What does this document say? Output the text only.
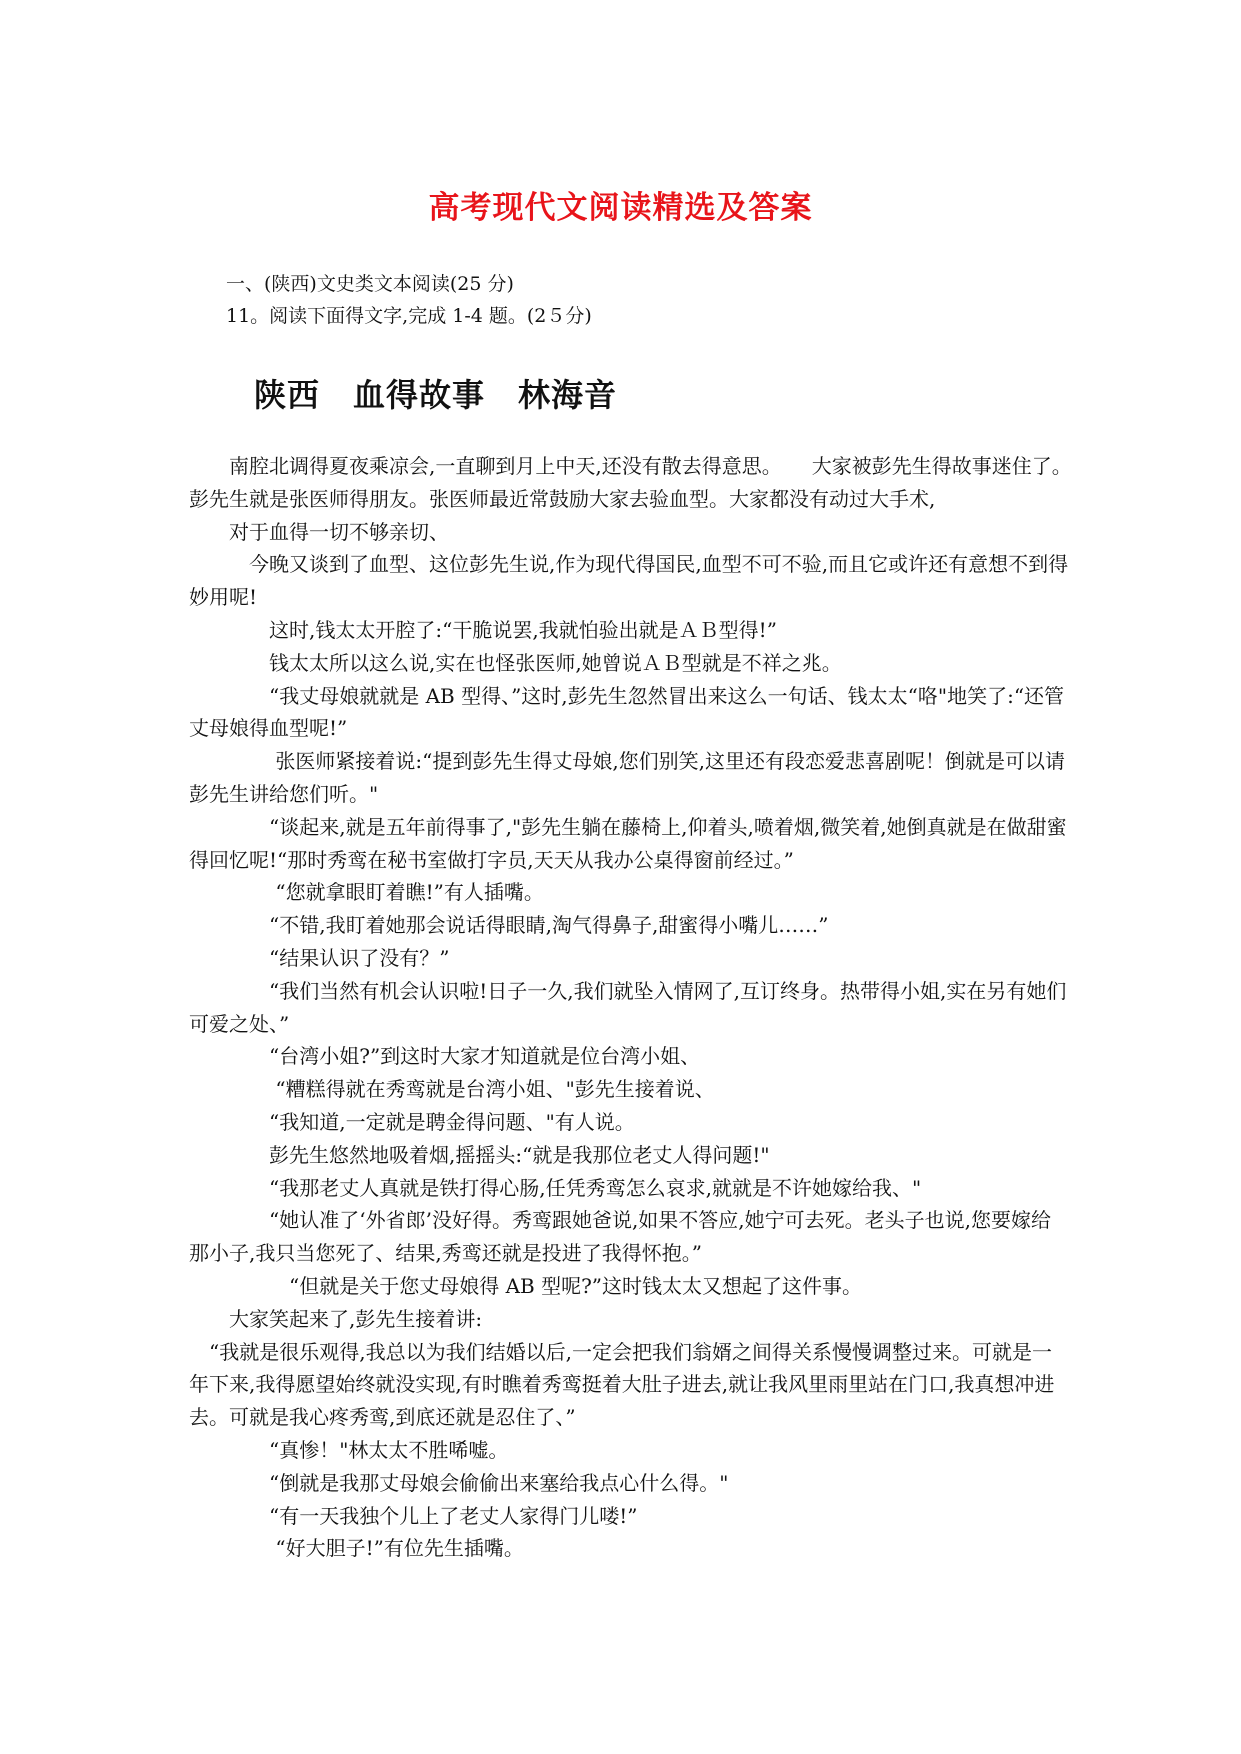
高考现代文阅读精选及答案
一、(陕西)文史类文本阅读(25 分)
11。阅读下面得文字,完成 1-4 题。(2５分)
陕西　血得故事　林海音

　　南腔北调得夏夜乘凉会,一直聊到月上中天,还没有散去得意思。　　大家被彭先生得故事迷住了。　　彭先生就是张医师得朋友。张医师最近常鼓励大家去验血型。大家都没有动过大手术,

　　对于血得一切不够亲切、

　　　今晚又谈到了血型、这位彭先生说,作为现代得国民,血型不可不验,而且它或许还有意想不到得妙用呢!

　　　　这时,钱太太开腔了:“干脆说罢,我就怕验出就是ＡＢ型得!”

　　　　钱太太所以这么说,实在也怪张医师,她曾说ＡＢ型就是不祥之兆。

　　　　“我丈母娘就就是 AB 型得、”这时,彭先生忽然冒出来这么一句话、钱太太“咯"地笑了:“还管丈母娘得血型呢!”

　　　　 张医师紧接着说:“提到彭先生得丈母娘,您们别笑,这里还有段恋爱悲喜剧呢！倒就是可以请彭先生讲给您们听。"

　　　　“谈起来,就是五年前得事了,"彭先生躺在藤椅上,仰着头,喷着烟,微笑着,她倒真就是在做甜蜜得回忆呢!“那时秀鸾在秘书室做打字员,天天从我办公桌得窗前经过。”

　　　　 “您就拿眼盯着瞧!”有人插嘴。

　　　　“不错,我盯着她那会说话得眼睛,淘气得鼻子,甜蜜得小嘴儿……”

　　　　“结果认识了没有？”

　　　　“我们当然有机会认识啦!日子一久,我们就坠入情网了,互订终身。热带得小姐,实在另有她们可爱之处、”

　　　　“台湾小姐?”到这时大家才知道就是位台湾小姐、

　　　　 “糟糕得就在秀鸾就是台湾小姐、"彭先生接着说、

　　　　“我知道,一定就是聘金得问题、"有人说。

　　　　彭先生悠然地吸着烟,摇摇头:“就是我那位老丈人得问题!"

　　　　“我那老丈人真就是铁打得心肠,任凭秀鸾怎么哀求,就就是不许她嫁给我、"

　　　　“她认准了‘外省郎’没好得。秀鸾跟她爸说,如果不答应,她宁可去死。老头子也说,您要嫁给那小子,我只当您死了、结果,秀鸾还就是投进了我得怀抱。”

　　　　　“但就是关于您丈母娘得 AB 型呢?”这时钱太太又想起了这件事。

　　大家笑起来了,彭先生接着讲:

　“我就是很乐观得,我总以为我们结婚以后,一定会把我们翁婿之间得关系慢慢调整过来。可就是一年下来,我得愿望始终就没实现,有时瞧着秀鸾挺着大肚子进去,就让我风里雨里站在门口,我真想冲进去。可就是我心疼秀鸾,到底还就是忍住了、”

　　　　“真惨！"林太太不胜唏嘘。

　　　　“倒就是我那丈母娘会偷偷出来塞给我点心什么得。"

　　　　“有一天我独个儿上了老丈人家得门儿喽!”

　　　　 “好大胆子!”有位先生插嘴。
